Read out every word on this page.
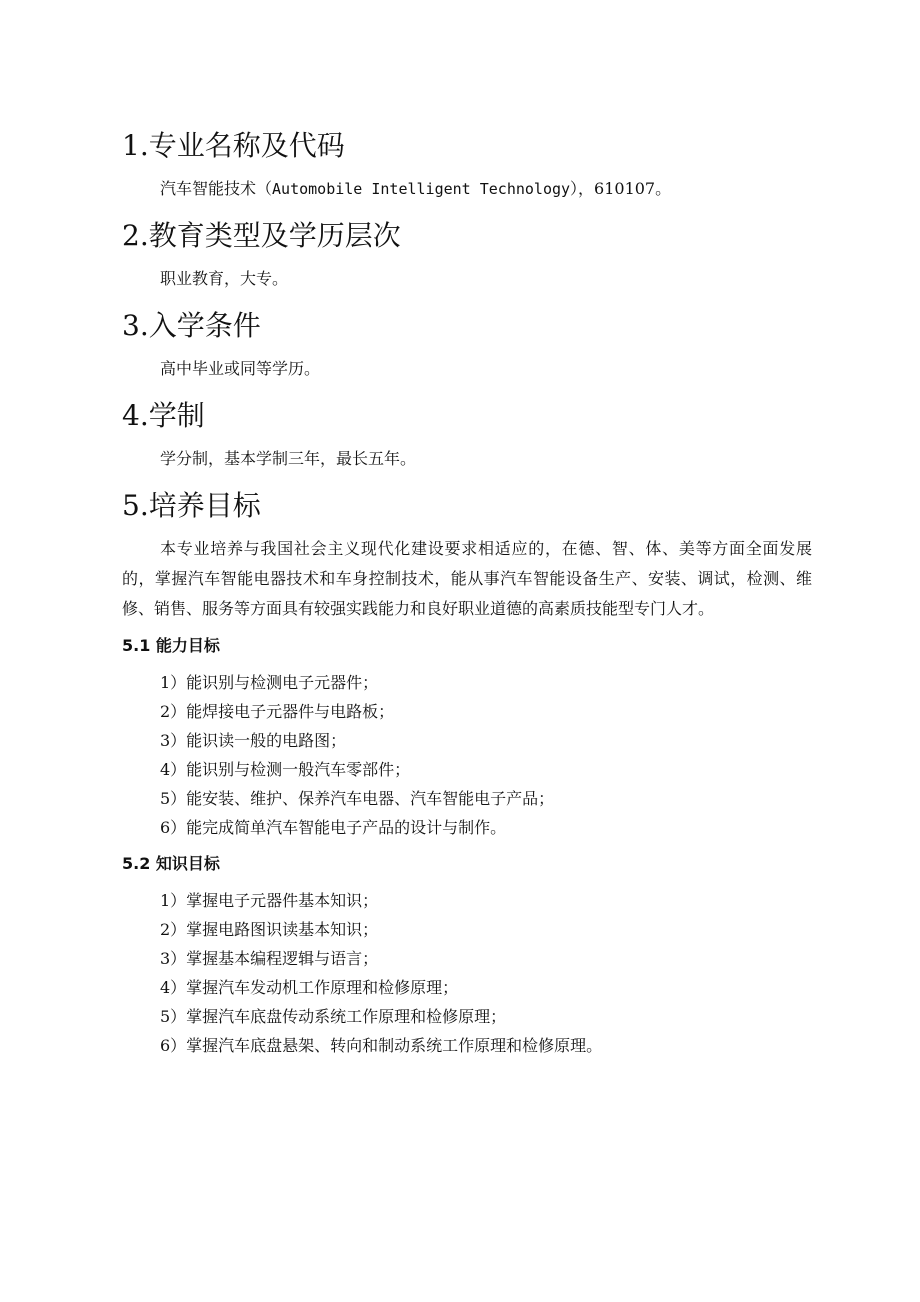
1.专业名称及代码

汽车智能技术（Automobile Intelligent Technology），610107。

2.教育类型及学历层次

职业教育，大专。

3.入学条件

高中毕业或同等学历。

4.学制

学分制，基本学制三年，最长五年。

5.培养目标

本专业培养与我国社会主义现代化建设要求相适应的，在德、智、体、美等方面全面发展的，掌握汽车智能电器技术和车身控制技术，能从事汽车智能设备生产、安装、调试，检测、维修、销售、服务等方面具有较强实践能力和良好职业道德的高素质技能型专门人才。

5.1 能力目标
1）能识别与检测电子元器件；
2）能焊接电子元器件与电路板；
3）能识读一般的电路图；
4）能识别与检测一般汽车零部件；
5）能安装、维护、保养汽车电器、汽车智能电子产品；
6）能完成简单汽车智能电子产品的设计与制作。
5.2 知识目标
1）掌握电子元器件基本知识；
2）掌握电路图识读基本知识；
3）掌握基本编程逻辑与语言；
4）掌握汽车发动机工作原理和检修原理；
5）掌握汽车底盘传动系统工作原理和检修原理；
6）掌握汽车底盘悬架、转向和制动系统工作原理和检修原理。
